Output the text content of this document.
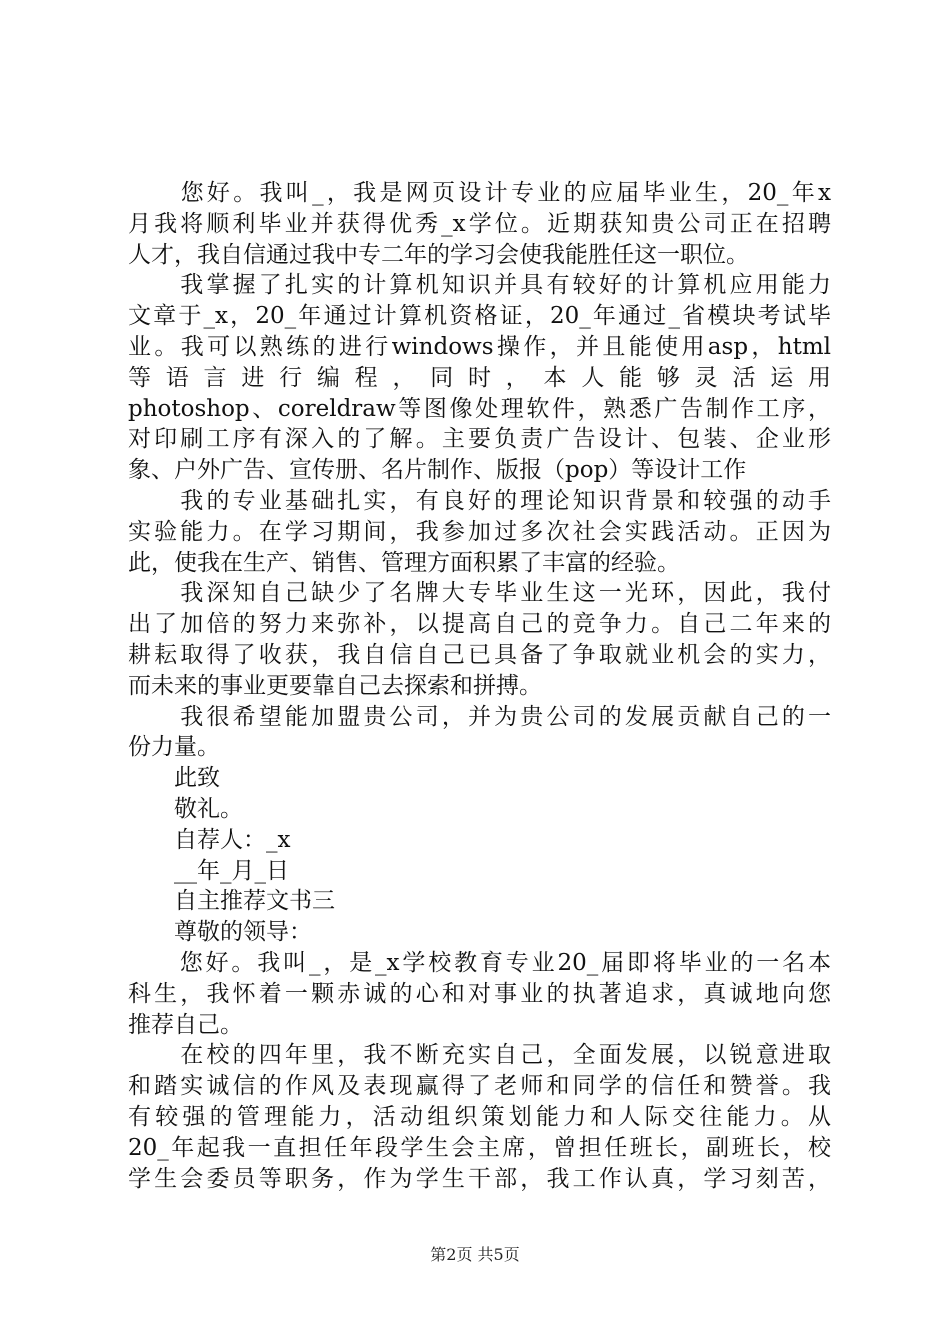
　　您好。我叫_，我是网页设计专业的应届毕业生，20_年x
月我将顺利毕业并获得优秀_x学位。近期获知贵公司正在招聘
人才，我自信通过我中专二年的学习会使我能胜任这一职位。
　　我掌握了扎实的计算机知识并具有较好的计算机应用能力
文章于_x，20_年通过计算机资格证，20_年通过_省模块考试毕
业。我可以熟练的进行windows操作，并且能使用asp，html
等语言进行编程，同时，本人能够灵活运用
photoshop、coreldraw等图像处理软件，熟悉广告制作工序，
对印刷工序有深入的了解。主要负责广告设计、包装、企业形
象、户外广告、宣传册、名片制作、版报（pop）等设计工作
　　我的专业基础扎实，有良好的理论知识背景和较强的动手
实验能力。在学习期间，我参加过多次社会实践活动。正因为
此，使我在生产、销售、管理方面积累了丰富的经验。
　　我深知自己缺少了名牌大专毕业生这一光环，因此，我付
出了加倍的努力来弥补，以提高自己的竞争力。自己二年来的
耕耘取得了收获，我自信自己已具备了争取就业机会的实力，
而未来的事业更要靠自己去探索和拼搏。
　　我很希望能加盟贵公司，并为贵公司的发展贡献自己的一
份力量。
　　此致
　　敬礼。
　　自荐人：_x
　　__年_月_日
　　自主推荐文书三
　　尊敬的领导：
　　您好。我叫_，是_x学校教育专业20_届即将毕业的一名本
科生，我怀着一颗赤诚的心和对事业的执著追求，真诚地向您
推荐自己。
　　在校的四年里，我不断充实自己，全面发展，以锐意进取
和踏实诚信的作风及表现赢得了老师和同学的信任和赞誉。我
有较强的管理能力，活动组织策划能力和人际交往能力。从
20_年起我一直担任年段学生会主席，曾担任班长，副班长，校
学生会委员等职务，作为学生干部，我工作认真，学习刻苦，
第2页 共5页
